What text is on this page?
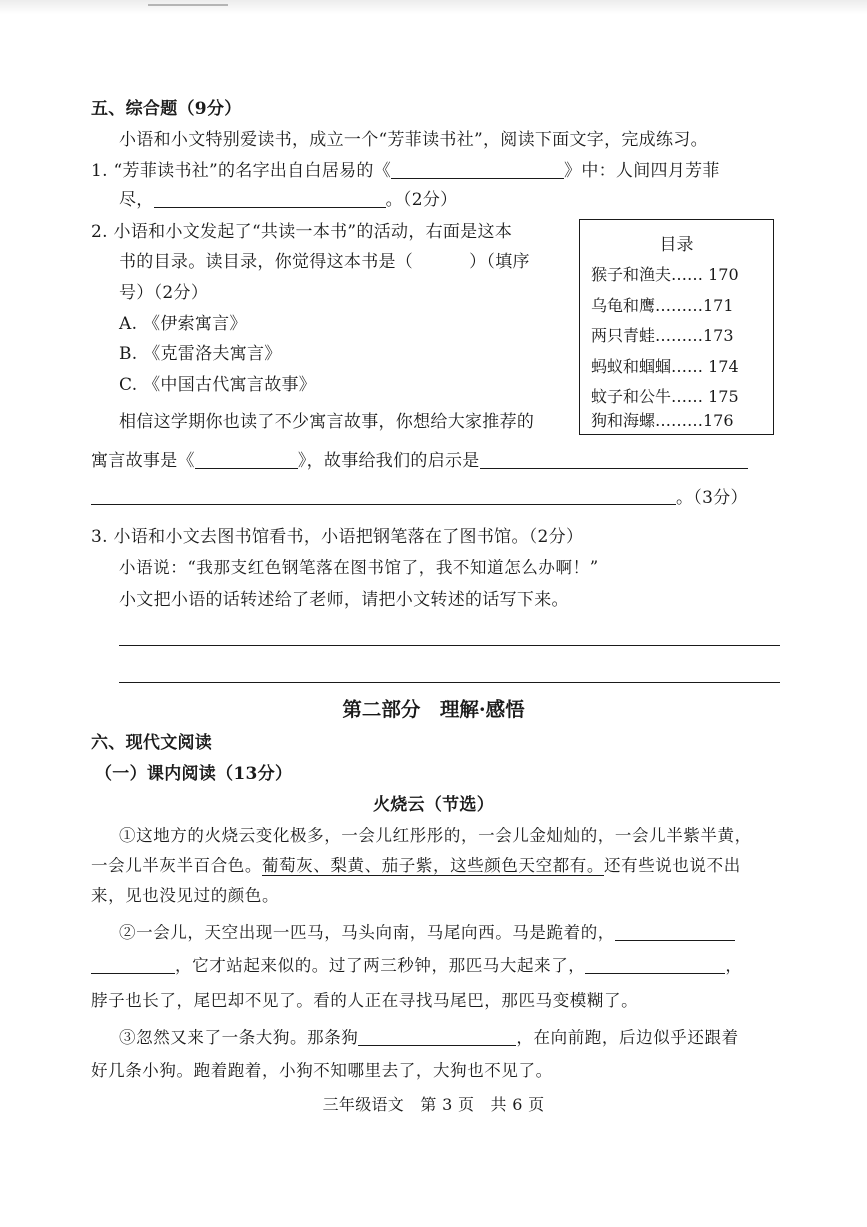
五、综合题（9分）
小语和小文特别爱读书，成立一个“芳菲读书社”，阅读下面文字，完成练习。
1. “芳菲读书社”的名字出自白居易的《	》中：人间四月芳菲
尽，	。（2分）
2. 小语和小文发起了“共读一本书”的活动，右面是这本
书的目录。读目录，你觉得这本书是（	）（填序
号）（2分）
A. 《伊索寓言》
B. 《克雷洛夫寓言》
C. 《中国古代寓言故事》
相信这学期你也读了不少寓言故事，你想给大家推荐的
寓言故事是《	》，故事给我们的启示是
。（3分）
目录
猴子和渔夫…… 170
乌龟和鹰………171
两只青蛙………173
蚂蚁和蝈蝈…… 174
蚊子和公牛…… 175
狗和海螺………176
3. 小语和小文去图书馆看书，小语把钢笔落在了图书馆。（2分）
小语说：“我那支红色钢笔落在图书馆了，我不知道怎么办啊！”
小文把小语的话转述给了老师，请把小文转述的话写下来。
第二部分　理解·感悟
六、现代文阅读
（一）课内阅读（13分）
火烧云（节选）
①这地方的火烧云变化极多，一会儿红彤彤的，一会儿金灿灿的，一会儿半紫半黄，
一会儿半灰半百合色。葡萄灰、梨黄、茄子紫，这些颜色天空都有。还有些说也说不出
来，见也没见过的颜色。
②一会儿，天空出现一匹马，马头向南，马尾向西。马是跪着的，
，它才站起来似的。过了两三秒钟，那匹马大起来了，	，
脖子也长了，尾巴却不见了。看的人正在寻找马尾巴，那匹马变模糊了。
③忽然又来了一条大狗。那条狗	，在向前跑，后边似乎还跟着
好几条小狗。跑着跑着，小狗不知哪里去了，大狗也不见了。
三年级语文　第 3 页　共 6 页
